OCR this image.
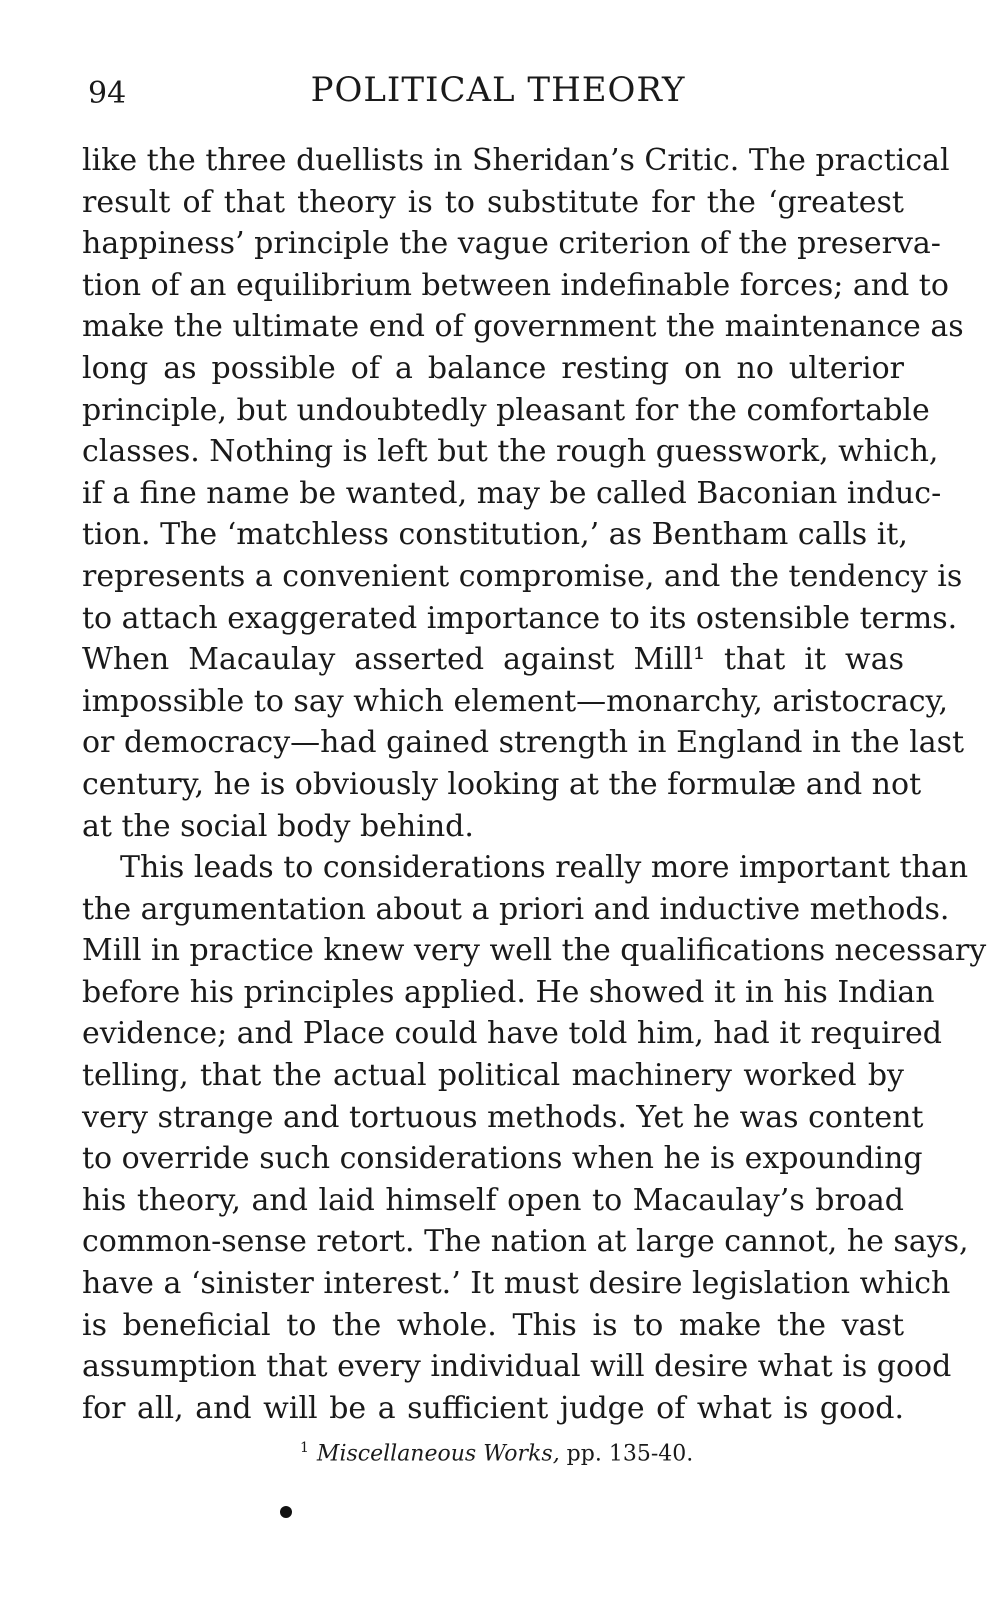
94	POLITICAL THEORY
like the three duellists in Sheridan’s Critic. The practical
result of that theory is to substitute for the ‘greatest
happiness’ principle the vague criterion of the preserva-
tion of an equilibrium between indefinable forces; and to
make the ultimate end of government the maintenance as
long as possible of a balance resting on no ulterior
principle, but undoubtedly pleasant for the comfortable
classes. Nothing is left but the rough guesswork, which,
if a fine name be wanted, may be called Baconian induc-
tion. The ‘matchless constitution,’ as Bentham calls it,
represents a convenient compromise, and the tendency is
to attach exaggerated importance to its ostensible terms.
When Macaulay asserted against Mill¹ that it was
impossible to say which element—monarchy, aristocracy,
or democracy—had gained strength in England in the last
century, he is obviously looking at the formulæ and not
at the social body behind.
This leads to considerations really more important than
the argumentation about a priori and inductive methods.
Mill in practice knew very well the qualifications necessary
before his principles applied. He showed it in his Indian
evidence; and Place could have told him, had it required
telling, that the actual political machinery worked by
very strange and tortuous methods. Yet he was content
to override such considerations when he is expounding
his theory, and laid himself open to Macaulay’s broad
common-sense retort. The nation at large cannot, he says,
have a ‘sinister interest.’ It must desire legislation which
is beneficial to the whole. This is to make the vast
assumption that every individual will desire what is good
for all, and will be a sufficient judge of what is good.
$^1$ Miscellaneous Works, pp. 135-40.
